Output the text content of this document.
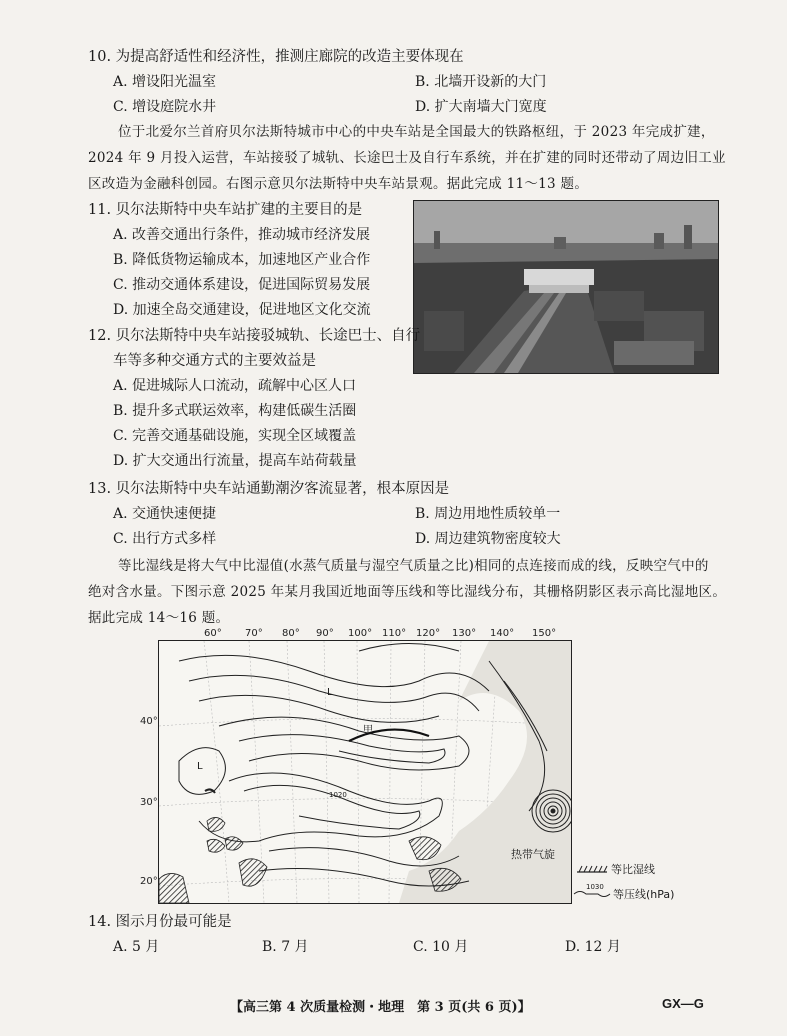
10. 为提高舒适性和经济性，推测庄廊院的改造主要体现在
A. 增设阳光温室	B. 北墙开设新的大门
C. 增设庭院水井	D. 扩大南墙大门宽度
位于北爱尔兰首府贝尔法斯特城市中心的中央车站是全国最大的铁路枢纽，于 2023 年完成扩建，
2024 年 9 月投入运营，车站接驳了城轨、长途巴士及自行车系统，并在扩建的同时还带动了周边旧工业
区改造为金融科创园。右图示意贝尔法斯特中央车站景观。据此完成 11～13 题。
11. 贝尔法斯特中央车站扩建的主要目的是
A. 改善交通出行条件，推动城市经济发展
B. 降低货物运输成本，加速地区产业合作
C. 推动交通体系建设，促进国际贸易发展
D. 加速全岛交通建设，促进地区文化交流
12. 贝尔法斯特中央车站接驳城轨、长途巴士、自行
车等多种交通方式的主要效益是
A. 促进城际人口流动，疏解中心区人口
B. 提升多式联运效率，构建低碳生活圈
C. 完善交通基础设施，实现全区域覆盖
D. 扩大交通出行流量，提高车站荷载量
13. 贝尔法斯特中央车站通勤潮汐客流显著，根本原因是
A. 交通快速便捷	B. 周边用地性质较单一
C. 出行方式多样	D. 周边建筑物密度较大
等比湿线是将大气中比湿值(水蒸气质量与湿空气质量之比)相同的点连接而成的线，反映空气中的
绝对含水量。下图示意 2025 年某月我国近地面等压线和等比湿线分布，其栅格阴影区表示高比湿地区。
据此完成 14～16 题。
60° 70° 80° 90° 100° 110° 120° 130° 140° 150°
40°
30°
20°
甲
热带气旋
L
L
1020
等比湿线
1030
等压线(hPa)
14. 图示月份最可能是
A. 5 月	B. 7 月	C. 10 月	D. 12 月
【高三第 4 次质量检测・地理　第 3 页(共 6 页)】	GX—G
